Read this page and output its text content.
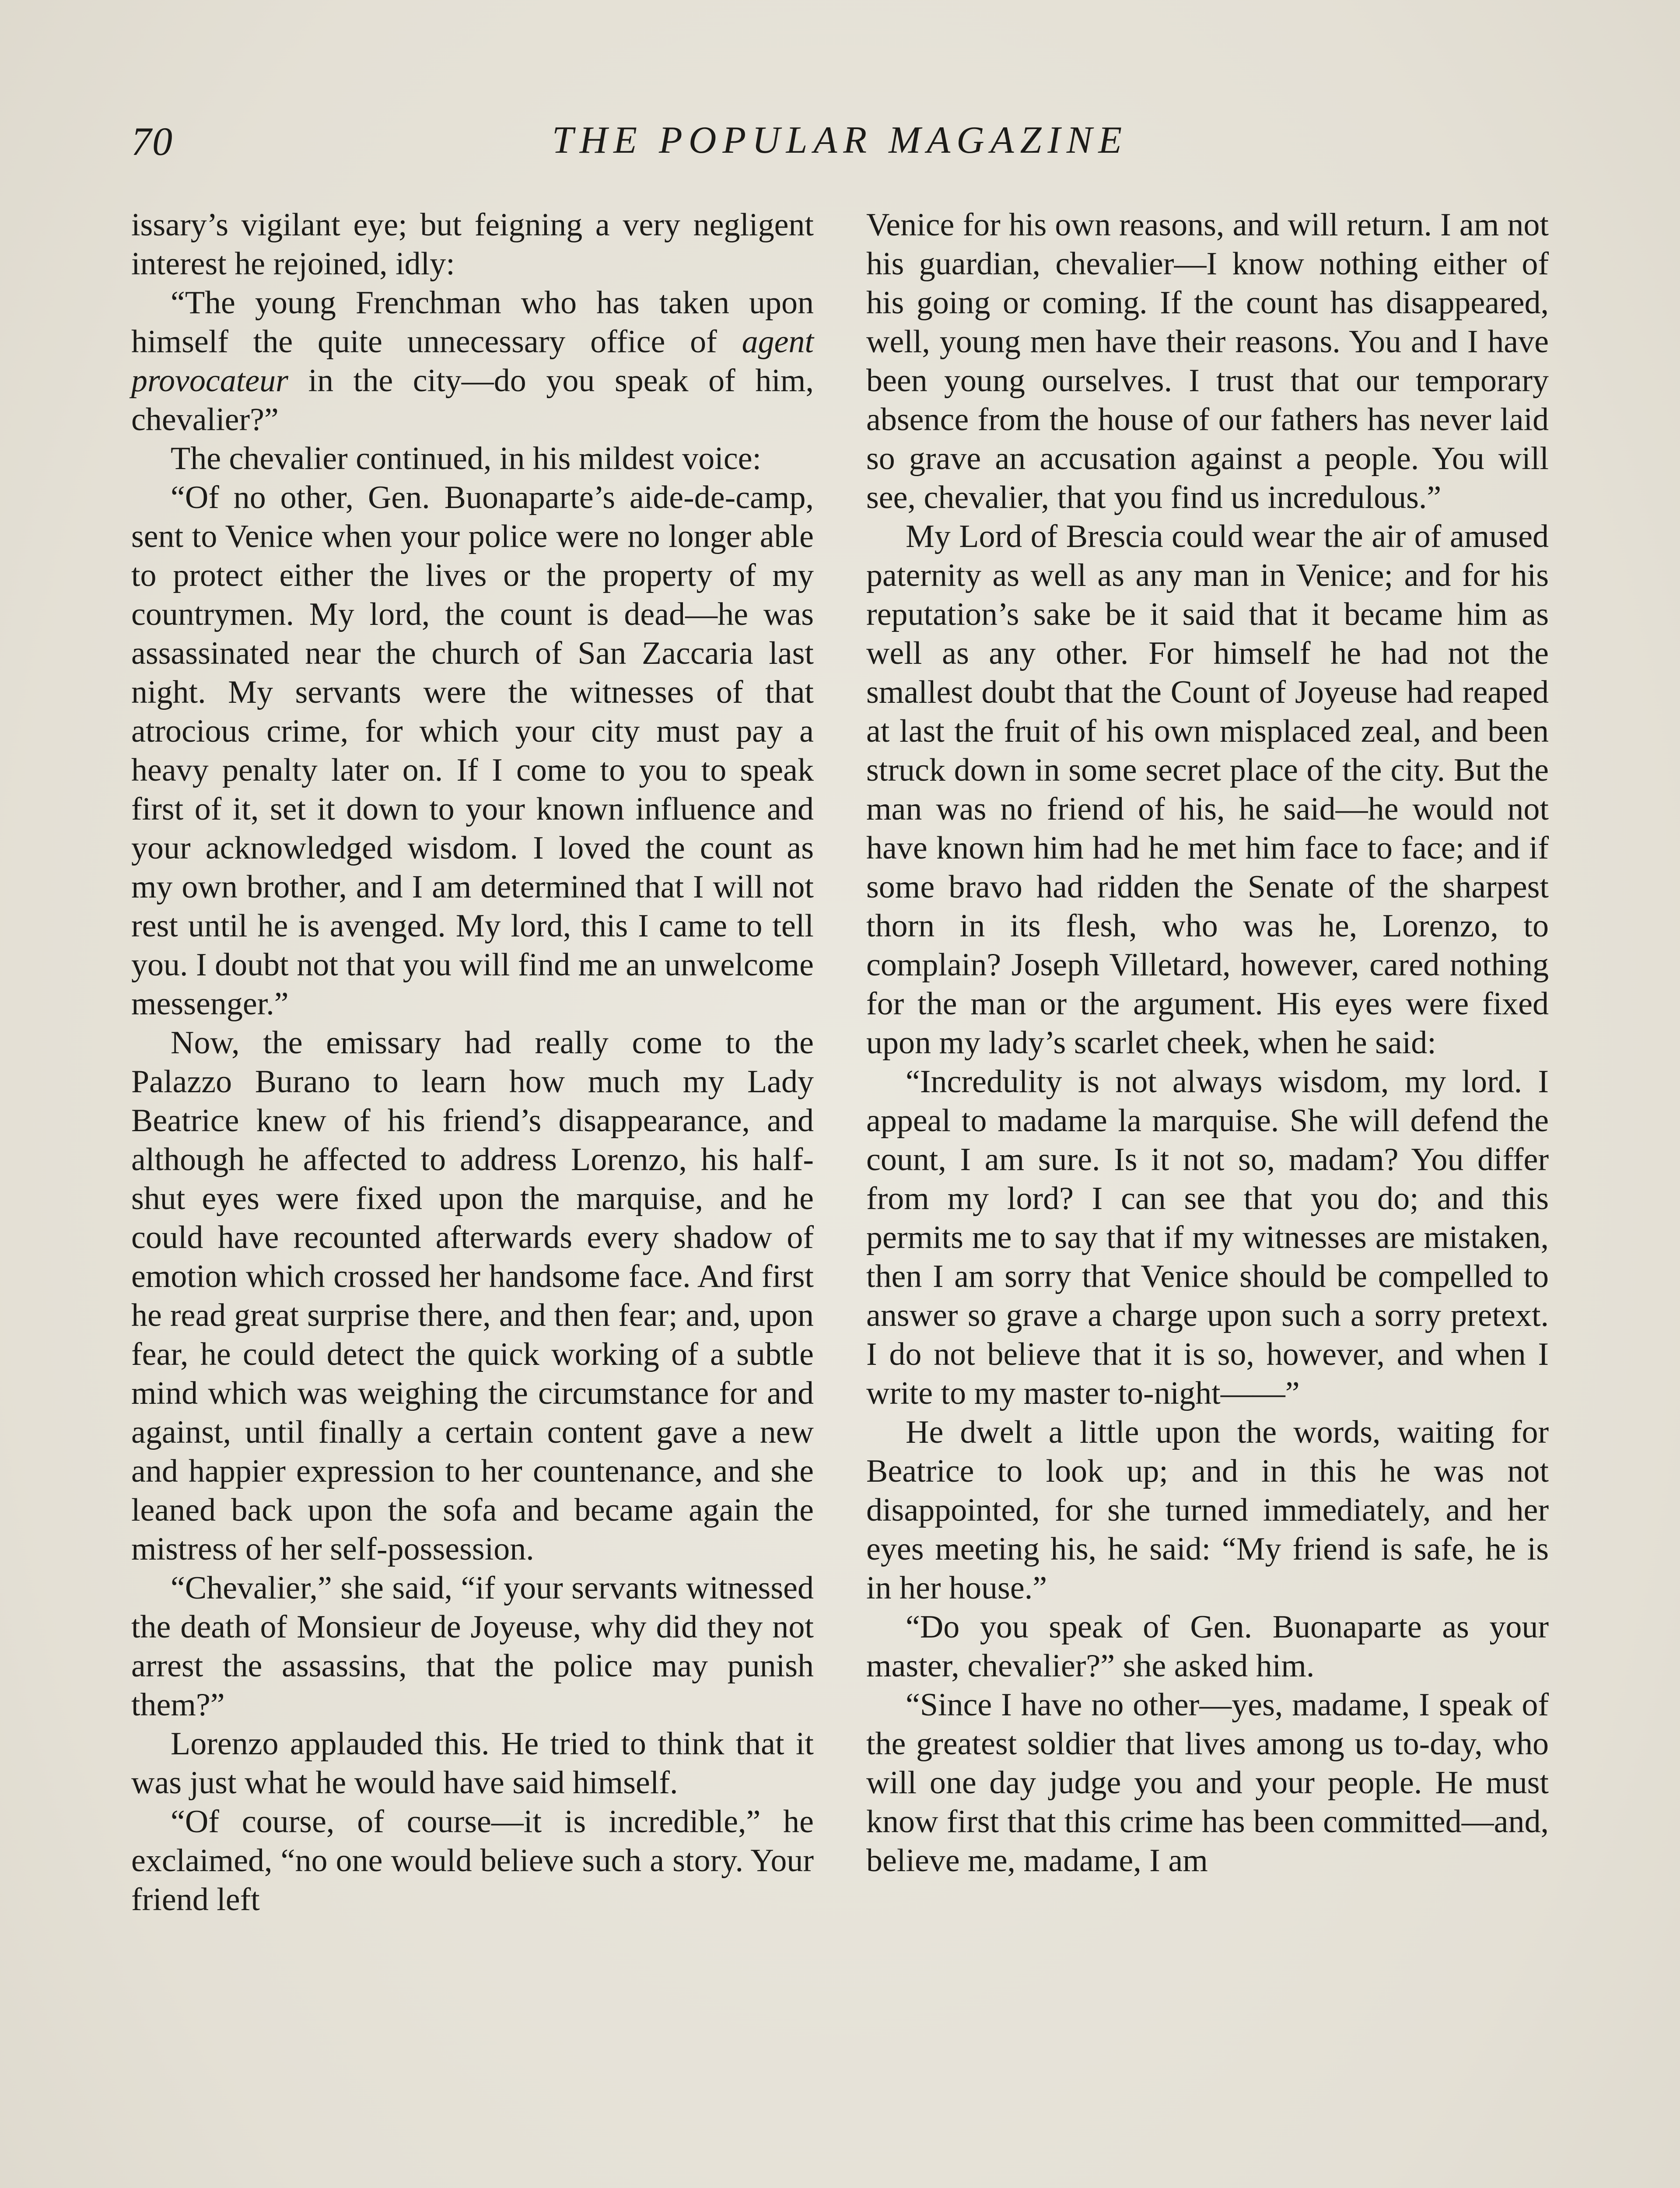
70	THE POPULAR MAGAZINE

issary’s vigilant eye; but feigning a very negligent interest he rejoined, idly:

“The young Frenchman who has taken upon himself the quite unnecessary office of agent provocateur in the city—do you speak of him, chevalier?”

The chevalier continued, in his mildest voice:

“Of no other, Gen. Buonaparte’s aide-de-camp, sent to Venice when your police were no longer able to protect either the lives or the property of my countrymen. My lord, the count is dead—he was assassinated near the church of San Zaccaria last night. My servants were the witnesses of that atrocious crime, for which your city must pay a heavy penalty later on. If I come to you to speak first of it, set it down to your known influence and your acknowledged wisdom. I loved the count as my own brother, and I am determined that I will not rest until he is avenged. My lord, this I came to tell you. I doubt not that you will find me an unwelcome messenger.”

Now, the emissary had really come to the Palazzo Burano to learn how much my Lady Beatrice knew of his friend’s disappearance, and although he affected to address Lorenzo, his half-shut eyes were fixed upon the marquise, and he could have recounted afterwards every shadow of emotion which crossed her handsome face. And first he read great surprise there, and then fear; and, upon fear, he could detect the quick working of a subtle mind which was weighing the circumstance for and against, until finally a certain content gave a new and happier expression to her countenance, and she leaned back upon the sofa and became again the mistress of her self-possession.

“Chevalier,” she said, “if your servants witnessed the death of Monsieur de Joyeuse, why did they not arrest the assassins, that the police may punish them?”

Lorenzo applauded this. He tried to think that it was just what he would have said himself.

“Of course, of course—it is incredible,” he exclaimed, “no one would believe such a story. Your friend left

Venice for his own reasons, and will return. I am not his guardian, chevalier—I know nothing either of his going or coming. If the count has disappeared, well, young men have their reasons. You and I have been young ourselves. I trust that our temporary absence from the house of our fathers has never laid so grave an accusation against a people. You will see, chevalier, that you find us incredulous.”

My Lord of Brescia could wear the air of amused paternity as well as any man in Venice; and for his reputation’s sake be it said that it became him as well as any other. For himself he had not the smallest doubt that the Count of Joyeuse had reaped at last the fruit of his own misplaced zeal, and been struck down in some secret place of the city. But the man was no friend of his, he said—he would not have known him had he met him face to face; and if some bravo had ridden the Senate of the sharpest thorn in its flesh, who was he, Lorenzo, to complain? Joseph Villetard, however, cared nothing for the man or the argument. His eyes were fixed upon my lady’s scarlet cheek, when he said:

“Incredulity is not always wisdom, my lord. I appeal to madame la marquise. She will defend the count, I am sure. Is it not so, madam? You differ from my lord? I can see that you do; and this permits me to say that if my witnesses are mistaken, then I am sorry that Venice should be compelled to answer so grave a charge upon such a sorry pretext. I do not believe that it is so, however, and when I write to my master to-night——”

He dwelt a little upon the words, waiting for Beatrice to look up; and in this he was not disappointed, for she turned immediately, and her eyes meeting his, he said: “My friend is safe, he is in her house.”

“Do you speak of Gen. Buonaparte as your master, chevalier?” she asked him.

“Since I have no other—yes, madame, I speak of the greatest soldier that lives among us to-day, who will one day judge you and your people. He must know first that this crime has been committed—and, believe me, madame, I am
